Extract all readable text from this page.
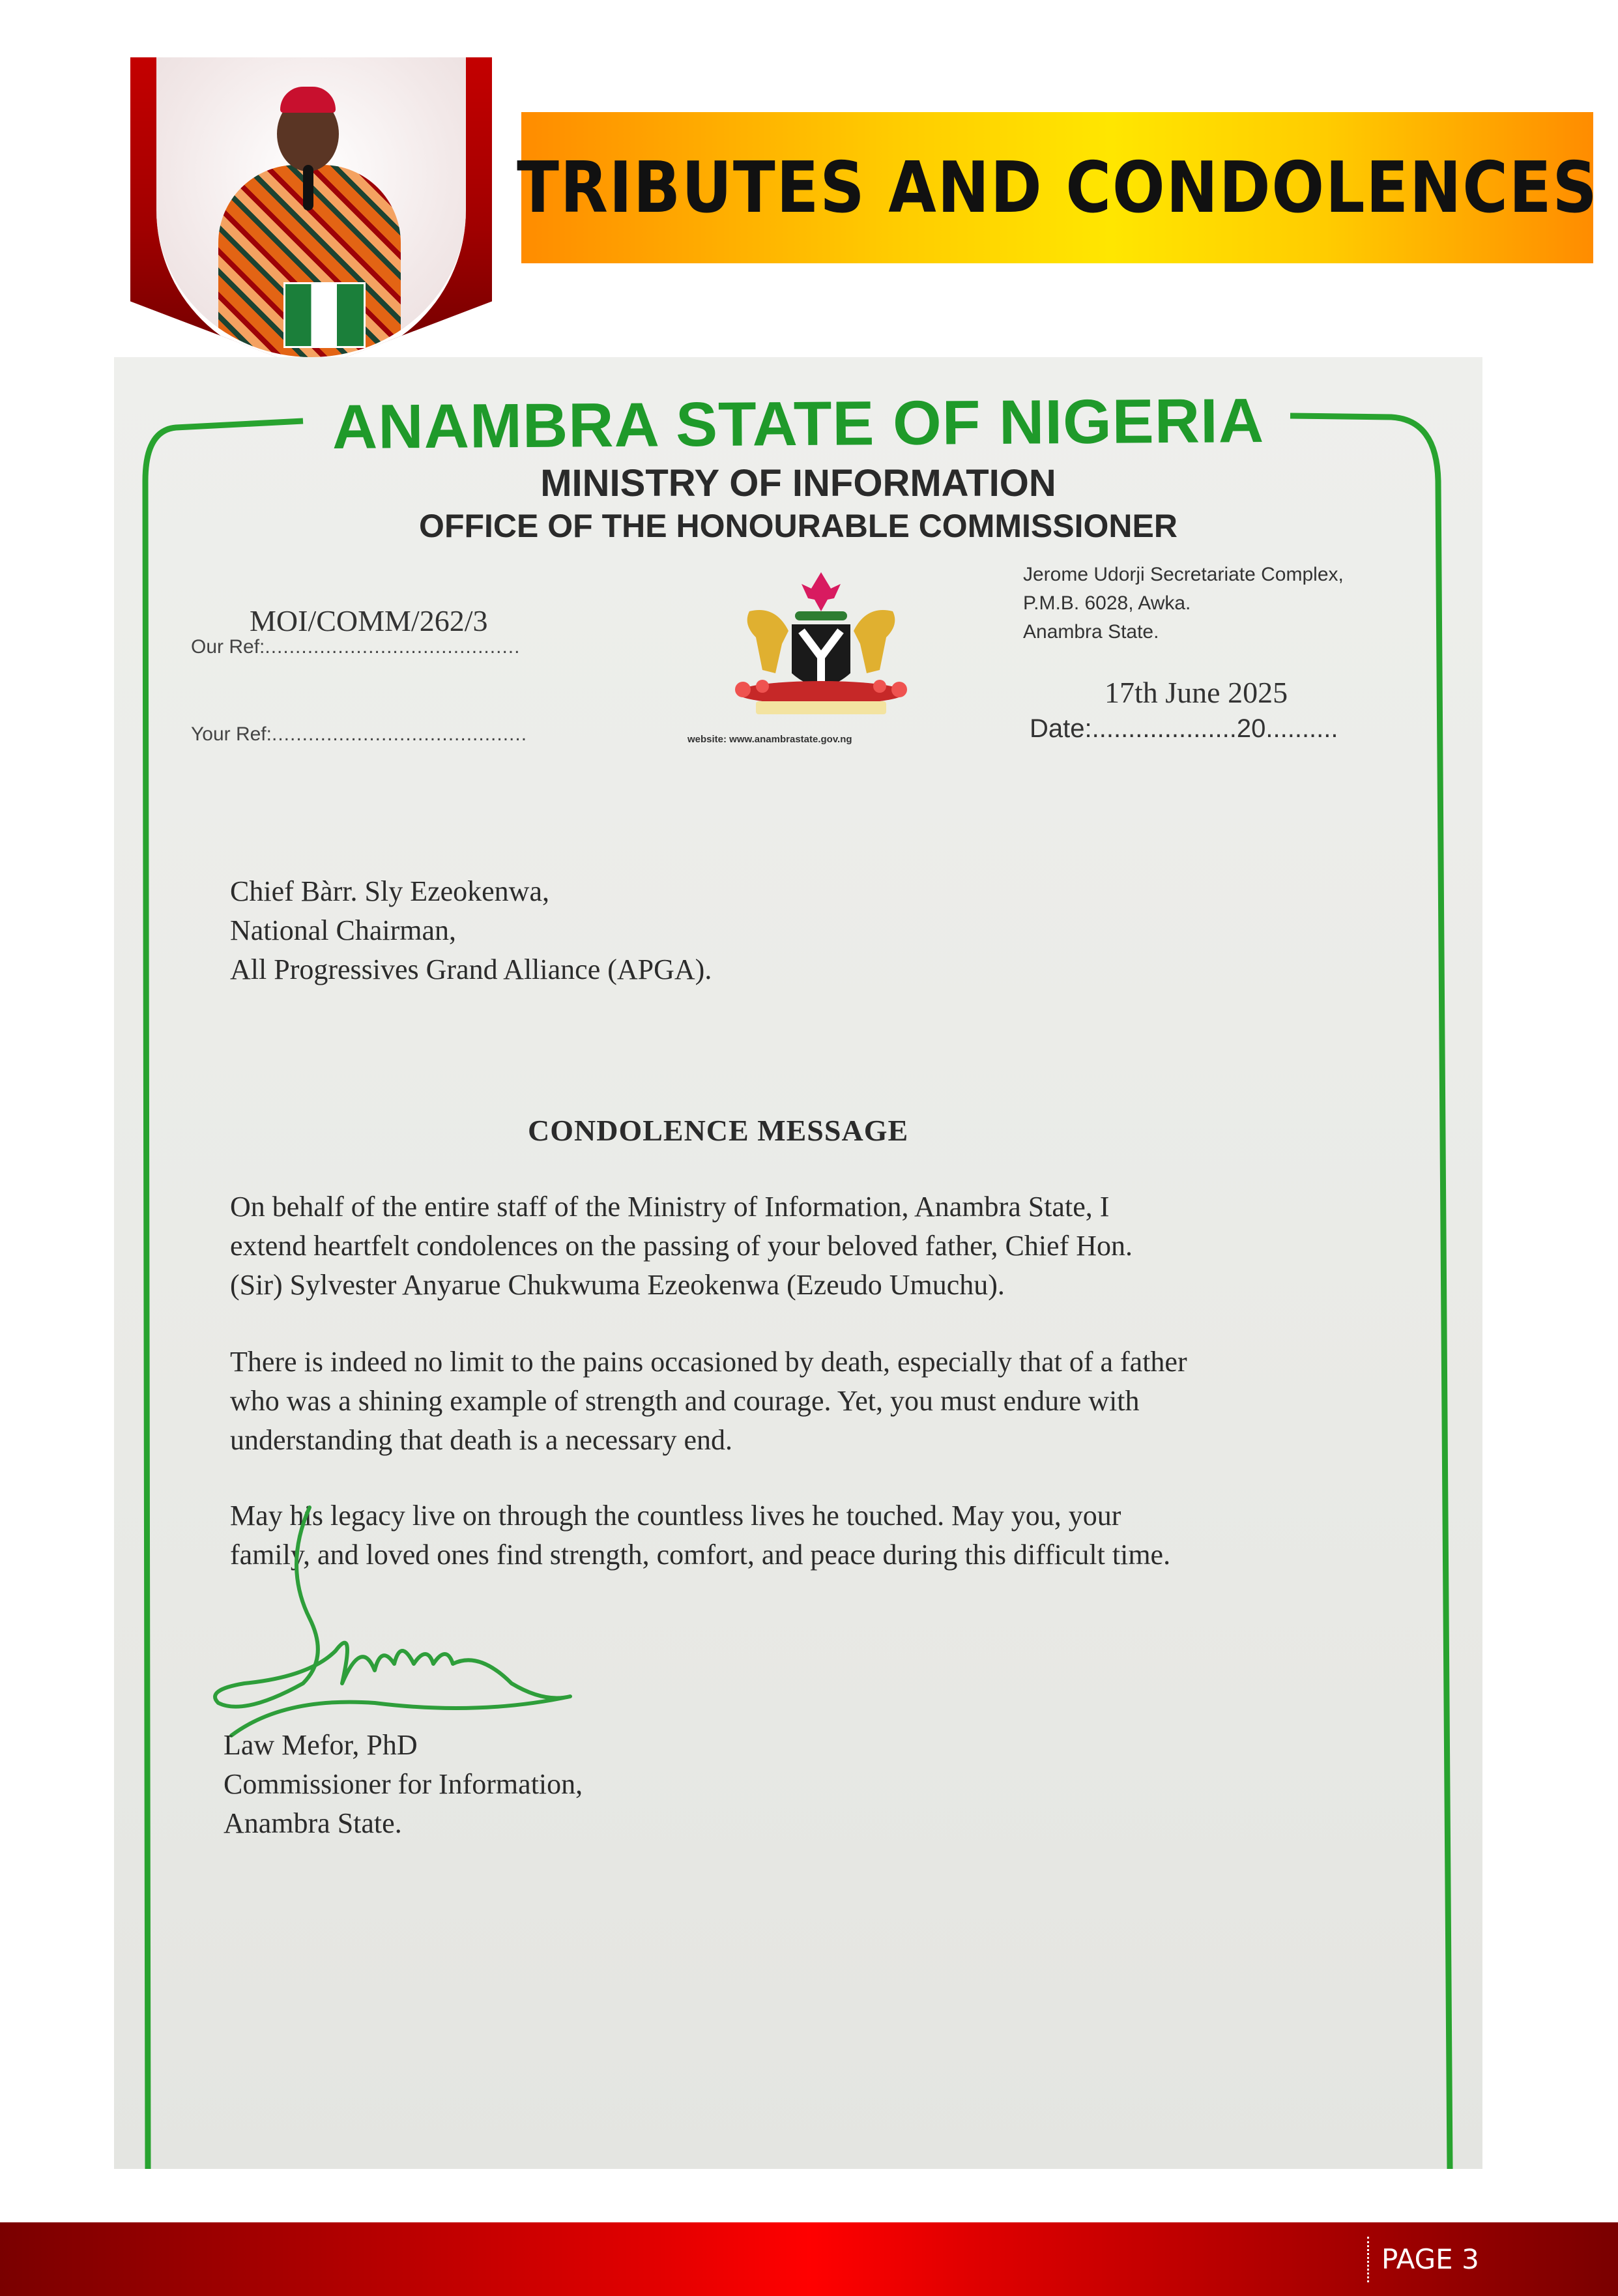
TRIBUTES AND CONDOLENCES
ANAMBRA STATE OF NIGERIA
MINISTRY OF INFORMATION
OFFICE OF THE HONOURABLE COMMISSIONER
website: www.anambrastate.gov.ng
Jerome Udorji Secretariate Complex,
P.M.B. 6028, Awka.
Anambra State.
Our Ref:..........................................
MOI/COMM/262/3
Your Ref:..........................................
17th June 2025
Date:....................20..........
Chief Bàrr. Sly Ezeokenwa,
National Chairman,
All Progressives Grand Alliance (APGA).
CONDOLENCE MESSAGE
On behalf of the entire staff of the Ministry of Information, Anambra State, I
extend heartfelt condolences on the passing of your beloved father, Chief Hon.
(Sir) Sylvester Anyarue Chukwuma Ezeokenwa (Ezeudo Umuchu).
There is indeed no limit to the pains occasioned by death, especially that of a father
who was a shining example of strength and courage. Yet, you must endure with
understanding that death is a necessary end.
May his legacy live on through the countless lives he touched. May you, your
family, and loved ones find strength, comfort, and peace during this difficult time.
Law Mefor, PhD
Commissioner for Information,
Anambra State.
PAGE 3
